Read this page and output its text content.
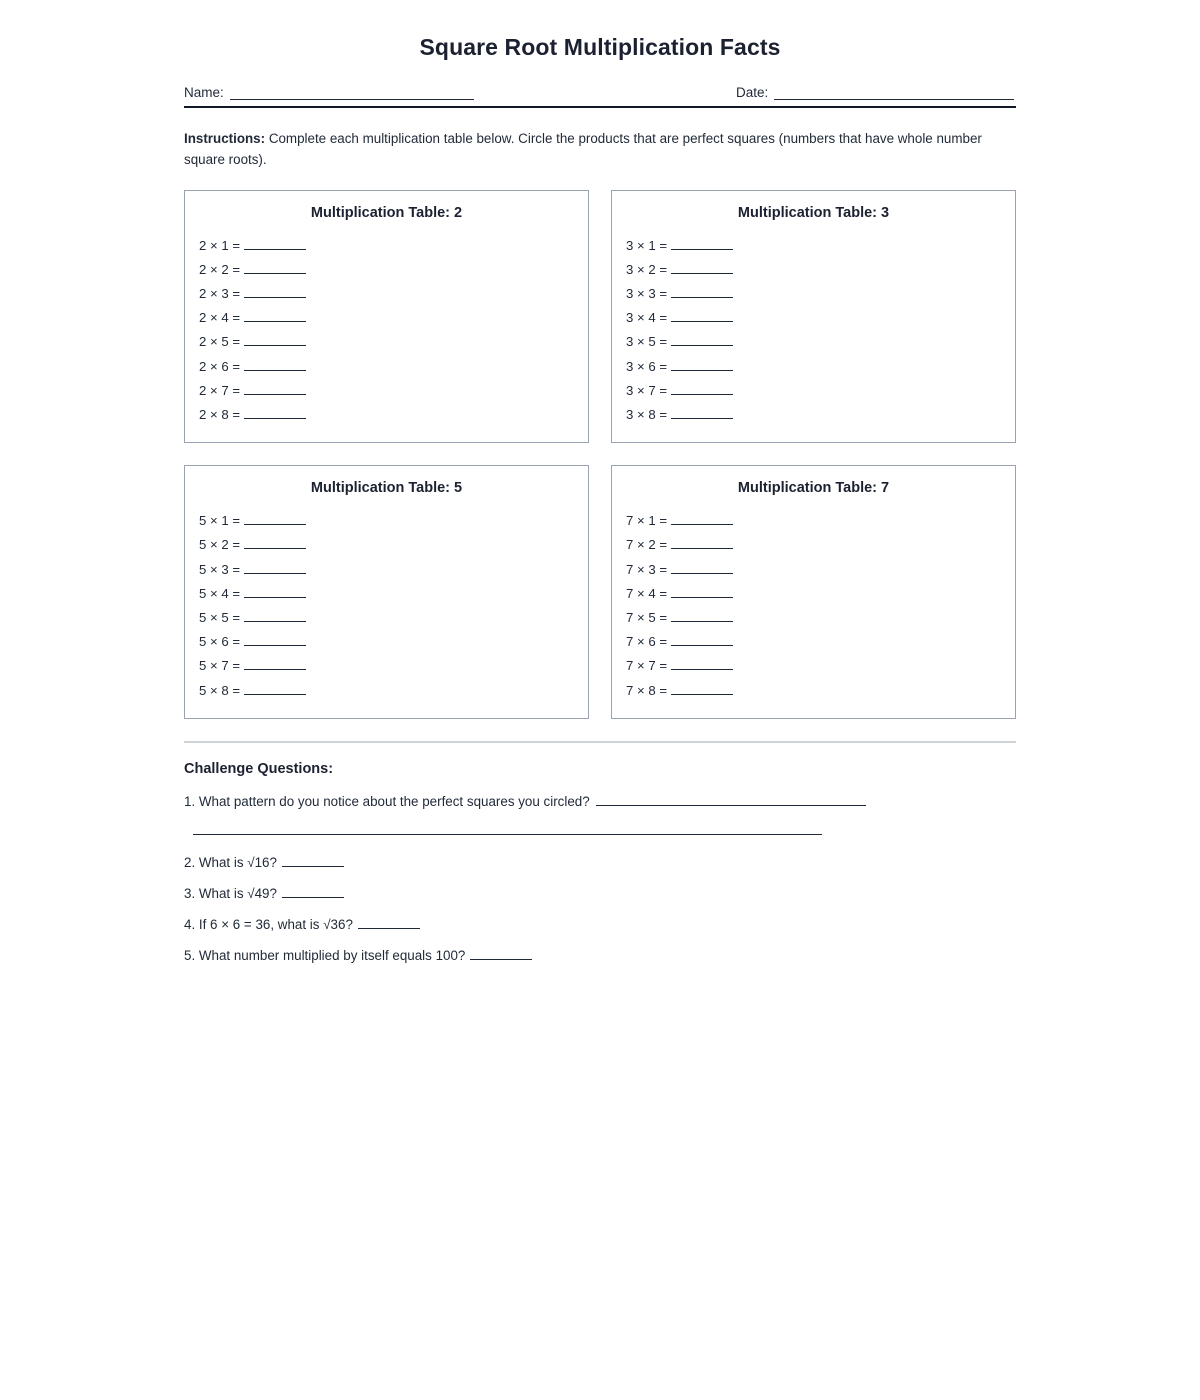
Square Root Multiplication Facts
Name:	Date:

Instructions: Complete each multiplication table below. Circle the products that are perfect squares (numbers that have whole number square roots).

Multiplication Table: 2
2 × 1 =
2 × 2 =
2 × 3 =
2 × 4 =
2 × 5 =
2 × 6 =
2 × 7 =
2 × 8 =
Multiplication Table: 3
3 × 1 =
3 × 2 =
3 × 3 =
3 × 4 =
3 × 5 =
3 × 6 =
3 × 7 =
3 × 8 =
Multiplication Table: 5
5 × 1 =
5 × 2 =
5 × 3 =
5 × 4 =
5 × 5 =
5 × 6 =
5 × 7 =
5 × 8 =
Multiplication Table: 7
7 × 1 =
7 × 2 =
7 × 3 =
7 × 4 =
7 × 5 =
7 × 6 =
7 × 7 =
7 × 8 =
Challenge Questions:
1. What pattern do you notice about the perfect squares you circled?
2. What is √16?
3. What is √49?
4. If 6 × 6 = 36, what is √36?
5. What number multiplied by itself equals 100?
